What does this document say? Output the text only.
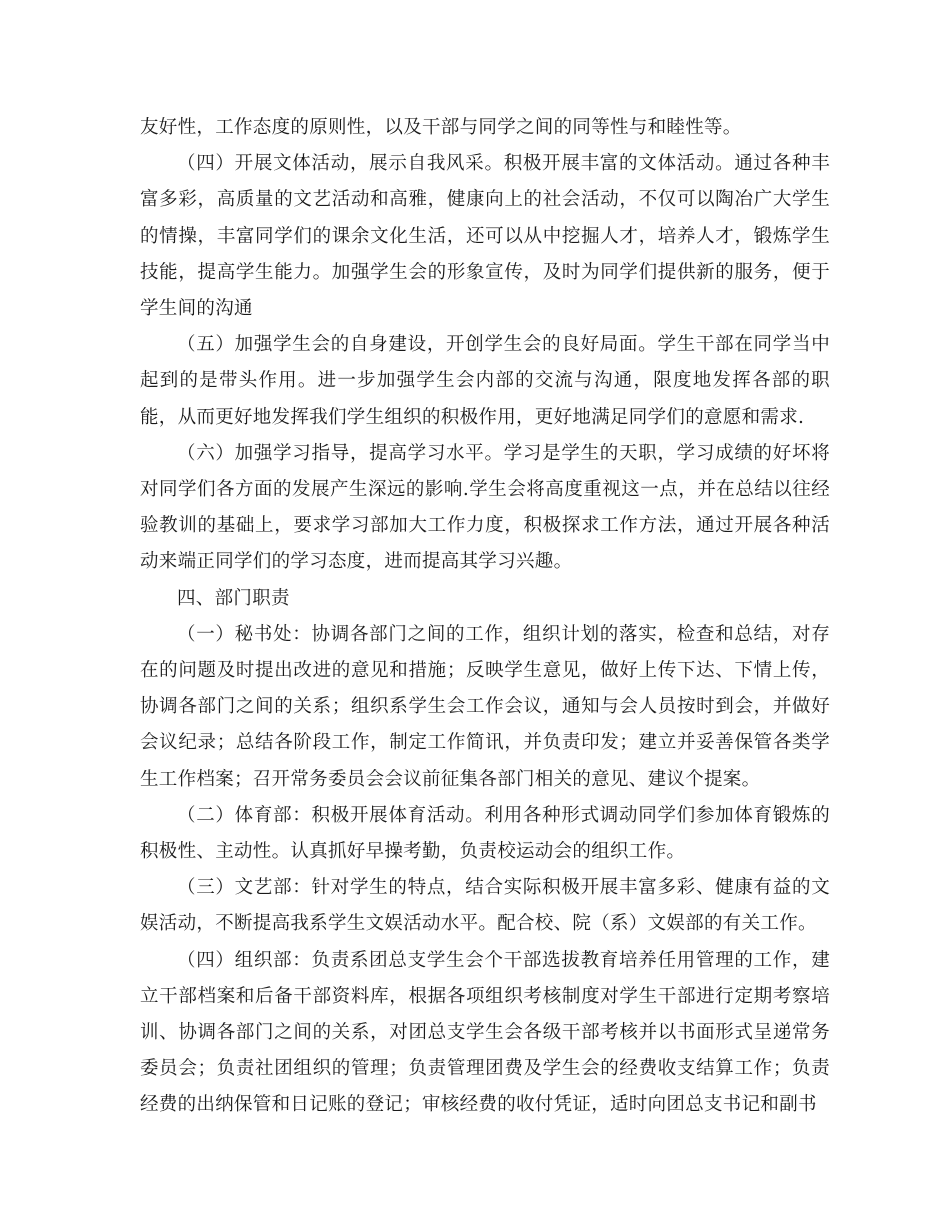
友好性，工作态度的原则性，以及干部与同学之间的同等性与和睦性等。

（四）开展文体活动，展示自我风采。积极开展丰富的文体活动。通过各种丰富多彩，高质量的文艺活动和高雅，健康向上的社会活动，不仅可以陶冶广大学生的情操，丰富同学们的课余文化生活，还可以从中挖掘人才，培养人才，锻炼学生技能，提高学生能力。加强学生会的形象宣传，及时为同学们提供新的服务，便于学生间的沟通

（五）加强学生会的自身建设，开创学生会的良好局面。学生干部在同学当中起到的是带头作用。进一步加强学生会内部的交流与沟通，限度地发挥各部的职能，从而更好地发挥我们学生组织的积极作用，更好地满足同学们的意愿和需求.

（六）加强学习指导，提高学习水平。学习是学生的天职，学习成绩的好坏将对同学们各方面的发展产生深远的影响.学生会将高度重视这一点，并在总结以往经验教训的基础上，要求学习部加大工作力度，积极探求工作方法，通过开展各种活动来端正同学们的学习态度，进而提高其学习兴趣。

四、部门职责

（一）秘书处：协调各部门之间的工作，组织计划的落实，检查和总结，对存在的问题及时提出改进的意见和措施；反映学生意见，做好上传下达、下情上传，协调各部门之间的关系；组织系学生会工作会议，通知与会人员按时到会，并做好会议纪录；总结各阶段工作，制定工作简讯，并负责印发；建立并妥善保管各类学生工作档案；召开常务委员会会议前征集各部门相关的意见、建议个提案。

（二）体育部：积极开展体育活动。利用各种形式调动同学们参加体育锻炼的积极性、主动性。认真抓好早操考勤，负责校运动会的组织工作。

（三）文艺部：针对学生的特点，结合实际积极开展丰富多彩、健康有益的文娱活动，不断提高我系学生文娱活动水平。配合校、院（系）文娱部的有关工作。

（四）组织部：负责系团总支学生会个干部选拔教育培养任用管理的工作，建立干部档案和后备干部资料库，根据各项组织考核制度对学生干部进行定期考察培训、协调各部门之间的关系，对团总支学生会各级干部考核并以书面形式呈递常务委员会；负责社团组织的管理；负责管理团费及学生会的经费收支结算工作；负责经费的出纳保管和日记账的登记；审核经费的收付凭证，适时向团总支书记和副书
